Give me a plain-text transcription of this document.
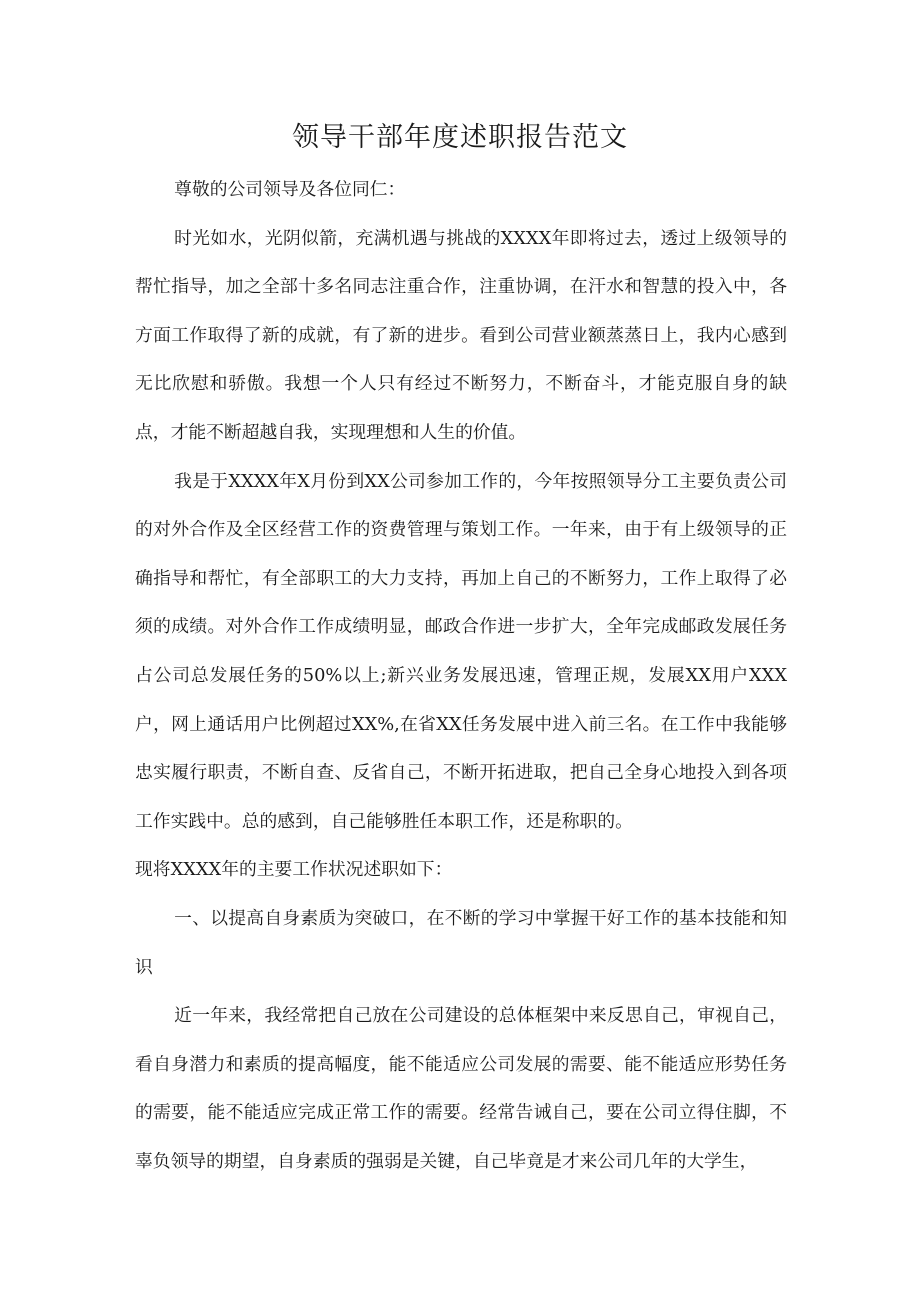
领导干部年度述职报告范文

尊敬的公司领导及各位同仁：

时光如水，光阴似箭，充满机遇与挑战的XXXX年即将过去，透过上级领导的帮忙指导，加之全部十多名同志注重合作，注重协调，在汗水和智慧的投入中，各方面工作取得了新的成就，有了新的进步。看到公司营业额蒸蒸日上，我内心感到无比欣慰和骄傲。我想一个人只有经过不断努力，不断奋斗，才能克服自身的缺点，才能不断超越自我，实现理想和人生的价值。

我是于XXXX年X月份到XX公司参加工作的，今年按照领导分工主要负责公司的对外合作及全区经营工作的资费管理与策划工作。一年来，由于有上级领导的正确指导和帮忙，有全部职工的大力支持，再加上自己的不断努力，工作上取得了必须的成绩。对外合作工作成绩明显，邮政合作进一步扩大，全年完成邮政发展任务占公司总发展任务的50%以上;新兴业务发展迅速，管理正规，发展XX用户XXX户，网上通话用户比例超过XX%,在省XX任务发展中进入前三名。在工作中我能够忠实履行职责，不断自查、反省自己，不断开拓进取，把自己全身心地投入到各项工作实践中。总的感到，自己能够胜任本职工作，还是称职的。

现将XXXX年的主要工作状况述职如下：

一、以提高自身素质为突破口，在不断的学习中掌握干好工作的基本技能和知识

近一年来，我经常把自己放在公司建设的总体框架中来反思自己，审视自己，看自身潜力和素质的提高幅度，能不能适应公司发展的需要、能不能适应形势任务的需要，能不能适应完成正常工作的需要。经常告诫自己，要在公司立得住脚，不辜负领导的期望，自身素质的强弱是关键，自己毕竟是才来公司几年的大学生，
